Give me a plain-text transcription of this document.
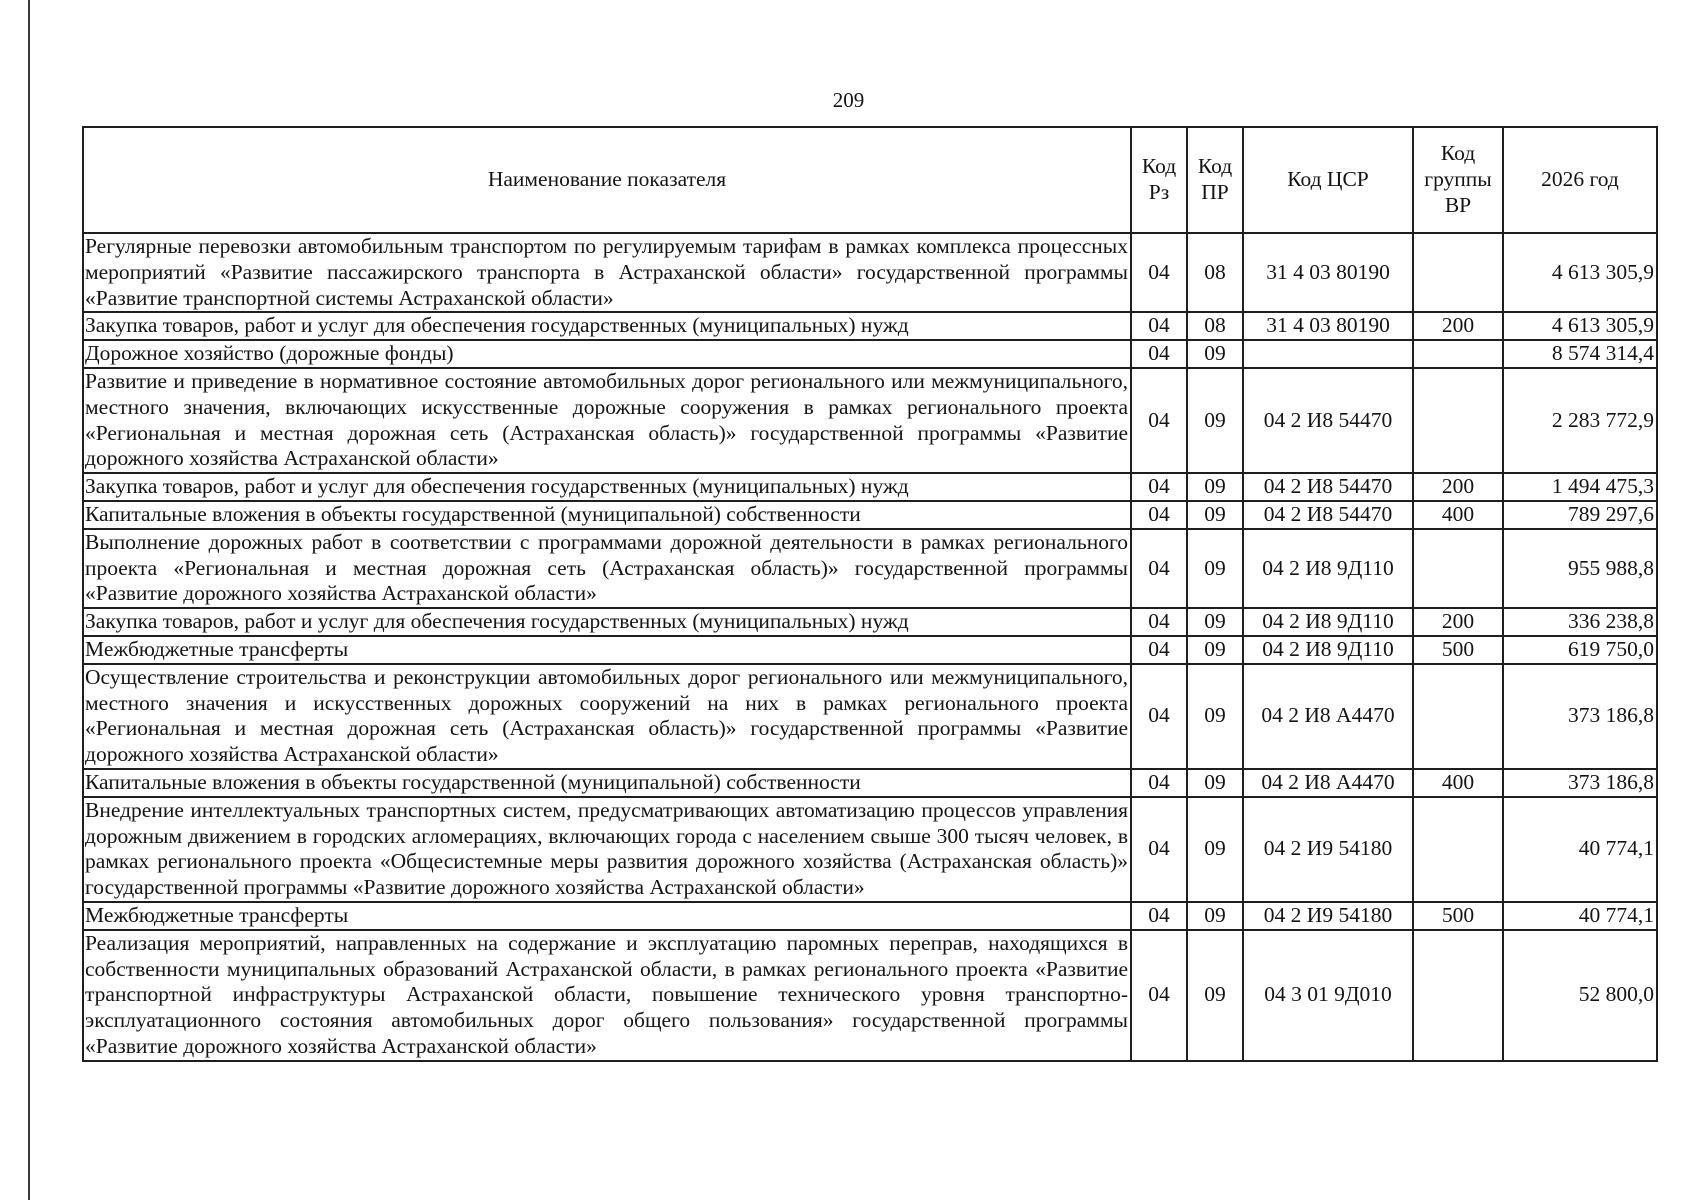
209
Наименование показателя	Код Рз	Код ПР	Код ЦСР	Код группы ВР	2026 год
Регулярные перевозки автомобильным транспортом по регулируемым тарифам в рамках комплекса процессных мероприятий «Развитие пассажирского транспорта в Астраханской области» государственной программы «Развитие транспортной системы Астраханской области»	04	08	31 4 03 80190		4 613 305,9
Закупка товаров, работ и услуг для обеспечения государственных (муниципальных) нужд	04	08	31 4 03 80190	200	4 613 305,9
Дорожное хозяйство (дорожные фонды)	04	09			8 574 314,4
Развитие и приведение в нормативное состояние автомобильных дорог регионального или межмуниципального, местного значения, включающих искусственные дорожные сооружения в рамках регионального проекта «Региональная и местная дорожная сеть (Астраханская область)» государственной программы «Развитие дорожного хозяйства Астраханской области»	04	09	04 2 И8 54470		2 283 772,9
Закупка товаров, работ и услуг для обеспечения государственных (муниципальных) нужд	04	09	04 2 И8 54470	200	1 494 475,3
Капитальные вложения в объекты государственной (муниципальной) собственности	04	09	04 2 И8 54470	400	789 297,6
Выполнение дорожных работ в соответствии с программами дорожной деятельности в рамках регионального проекта «Региональная и местная дорожная сеть (Астраханская область)» государственной программы «Развитие дорожного хозяйства Астраханской области»	04	09	04 2 И8 9Д110		955 988,8
Закупка товаров, работ и услуг для обеспечения государственных (муниципальных) нужд	04	09	04 2 И8 9Д110	200	336 238,8
Межбюджетные трансферты	04	09	04 2 И8 9Д110	500	619 750,0
Осуществление строительства и реконструкции автомобильных дорог регионального или межмуниципального, местного значения и искусственных дорожных сооружений на них в рамках регионального проекта «Региональная и местная дорожная сеть (Астраханская область)» государственной программы «Развитие дорожного хозяйства Астраханской области»	04	09	04 2 И8 А4470		373 186,8
Капитальные вложения в объекты государственной (муниципальной) собственности	04	09	04 2 И8 А4470	400	373 186,8
Внедрение интеллектуальных транспортных систем, предусматривающих автоматизацию процессов управления дорожным движением в городских агломерациях, включающих города с населением свыше 300 тысяч человек, в рамках регионального проекта «Общесистемные меры развития дорожного хозяйства (Астраханская область)» государственной программы «Развитие дорожного хозяйства Астраханской области»	04	09	04 2 И9 54180		40 774,1
Межбюджетные трансферты	04	09	04 2 И9 54180	500	40 774,1
Реализация мероприятий, направленных на содержание и эксплуатацию паромных переправ, находящихся в собственности муниципальных образований Астраханской области, в рамках регионального проекта «Развитие транспортной инфраструктуры Астраханской области, повышение технического уровня транспортно-эксплуатационного состояния автомобильных дорог общего пользования» государственной программы «Развитие дорожного хозяйства Астраханской области»	04	09	04 3 01 9Д010		52 800,0
